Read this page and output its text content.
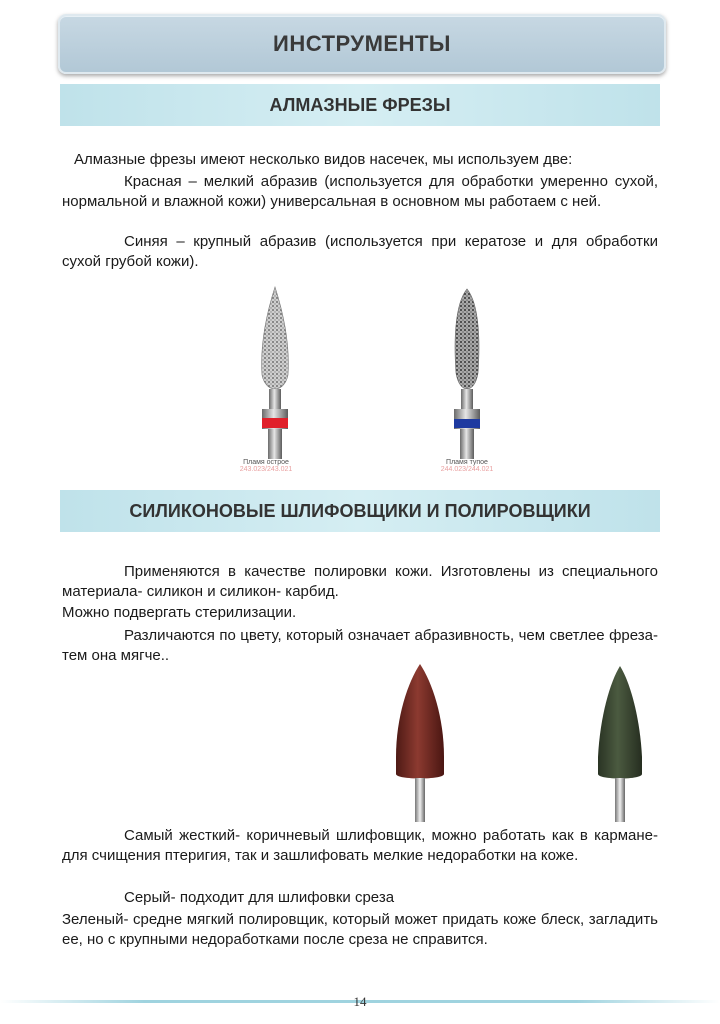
ИНСТРУМЕНТЫ
АЛМАЗНЫЕ ФРЕЗЫ

Алмазные фрезы имеют несколько видов насечек, мы используем две:

Красная – мелкий абразив (используется для обработки умеренно сухой, нормальной и влажной кожи) универсальная в основном мы работаем с ней.

Синяя – крупный абразив (используется при кератозе и для обработки сухой грубой кожи).

Пламя острое
243.023/243.021
Пламя тупое
244.023/244.021
СИЛИКОНОВЫЕ ШЛИФОВЩИКИ И ПОЛИРОВЩИКИ

Применяются в качестве полировки кожи. Изготовлены из специального материала- силикон и силикон- карбид.

Можно подвергать стерилизации.

Различаются по цвету, который означает абразивность, чем светлее фреза- тем она мягче..

Самый жесткий- коричневый шлифовщик, можно работать как в кармане- для счищения птеригия, так и зашлифовать мелкие недоработки на коже.

Серый- подходит для шлифовки среза

Зеленый- средне мягкий полировщик, который может придать коже блеск, загладить ее, но с крупными недоработками после среза не справится.

14
